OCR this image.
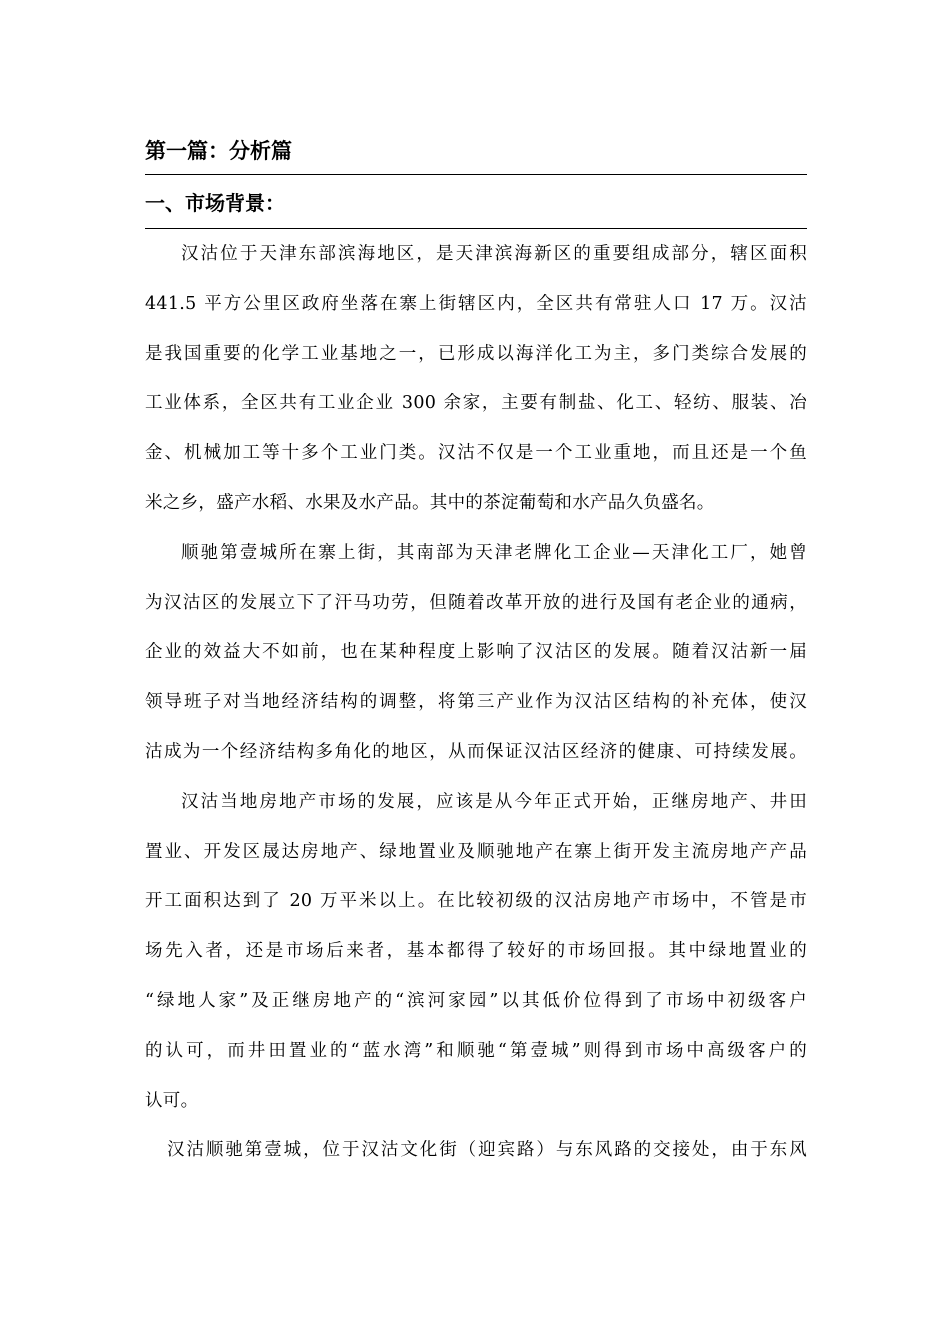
第一篇：分析篇
一、市场背景：

汉沽位于天津东部滨海地区，是天津滨海新区的重要组成部分，辖区面积
441.5 平方公里区政府坐落在寨上街辖区内，全区共有常驻人口 17 万。汉沽
是我国重要的化学工业基地之一，已形成以海洋化工为主，多门类综合发展的
工业体系，全区共有工业企业 300 余家，主要有制盐、化工、轻纺、服装、冶
金、机械加工等十多个工业门类。汉沽不仅是一个工业重地，而且还是一个鱼
米之乡，盛产水稻、水果及水产品。其中的茶淀葡萄和水产品久负盛名。

顺驰第壹城所在寨上街，其南部为天津老牌化工企业—天津化工厂，她曾
为汉沽区的发展立下了汗马功劳，但随着改革开放的进行及国有老企业的通病，
企业的效益大不如前，也在某种程度上影响了汉沽区的发展。随着汉沽新一届
领导班子对当地经济结构的调整，将第三产业作为汉沽区结构的补充体，使汉
沽成为一个经济结构多角化的地区，从而保证汉沽区经济的健康、可持续发展。

汉沽当地房地产市场的发展，应该是从今年正式开始，正继房地产、井田
置业、开发区晟达房地产、绿地置业及顺驰地产在寨上街开发主流房地产产品
开工面积达到了 20 万平米以上。在比较初级的汉沽房地产市场中，不管是市
场先入者，还是市场后来者，基本都得了较好的市场回报。其中绿地置业的
“绿地人家”及正继房地产的“滨河家园”以其低价位得到了市场中初级客户
的认可，而井田置业的“蓝水湾”和顺驰“第壹城”则得到市场中高级客户的
认可。

汉沽顺驰第壹城，位于汉沽文化街（迎宾路）与东风路的交接处，由于东风
